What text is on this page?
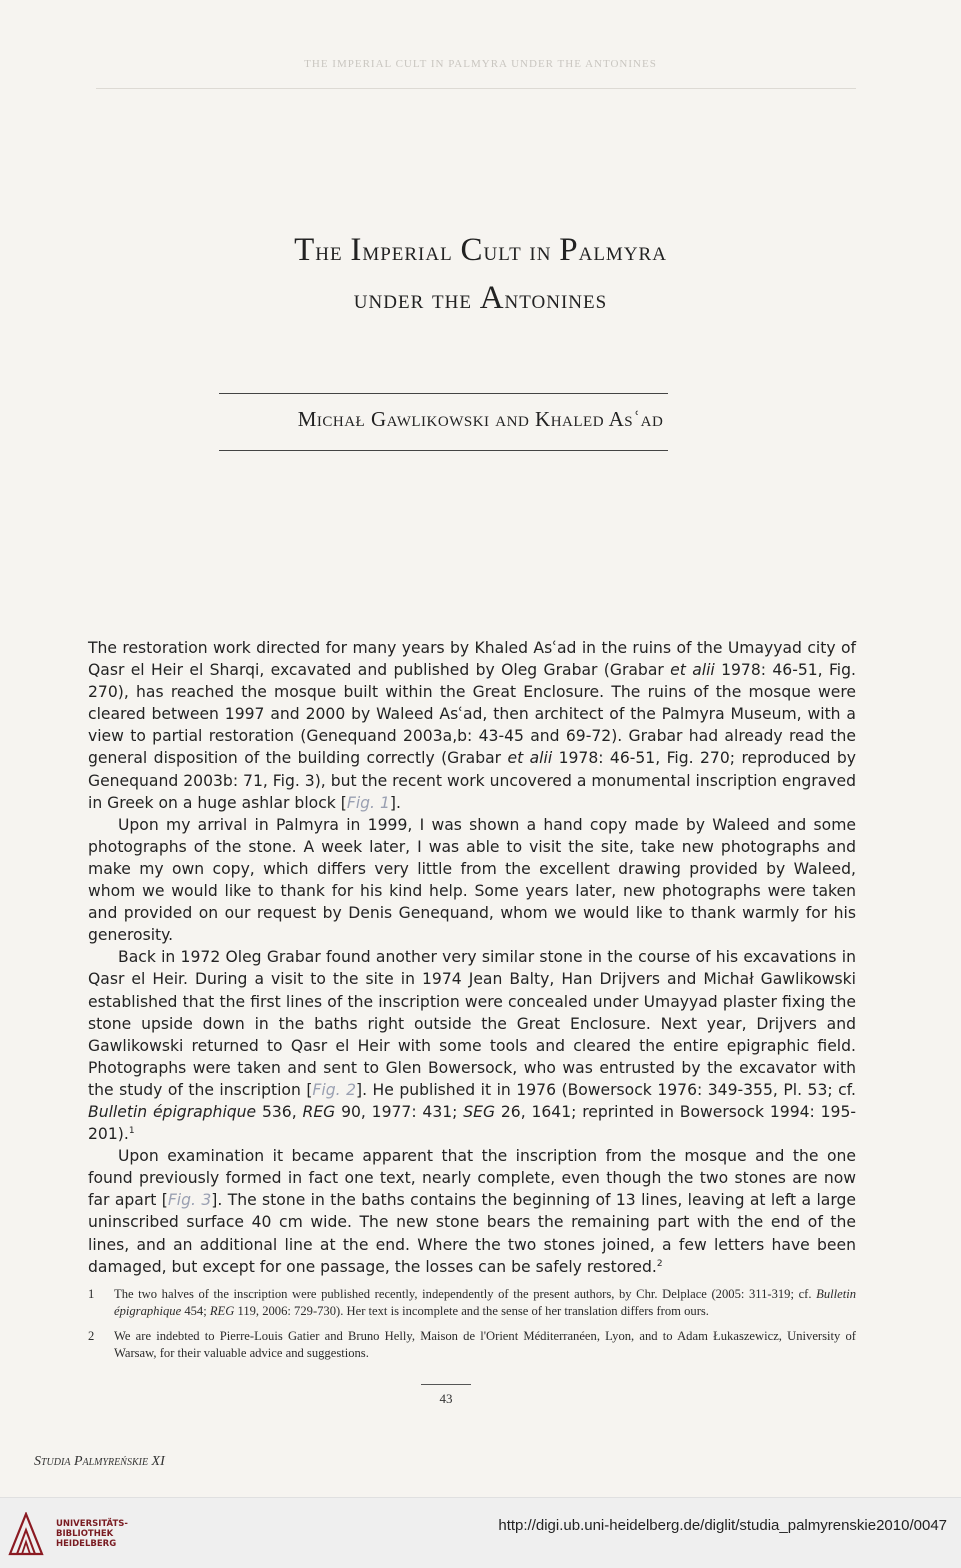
THE IMPERIAL CULT IN PALMYRA UNDER THE ANTONINES
The Imperial Cult in Palmyra
under the Antonines
Michał Gawlikowski and Khaled Asʿad

The restoration work directed for many years by Khaled Asʿad in the ruins of the Umayyad city of Qasr el Heir el Sharqi, excavated and published by Oleg Grabar (Grabar et alii 1978: 46-51, Fig. 270), has reached the mosque built within the Great Enclosure. The ruins of the mosque were cleared between 1997 and 2000 by Waleed Asʿad, then architect of the Palmyra Museum, with a view to partial restoration (Genequand 2003a,b: 43-45 and 69-72). Grabar had already read the general disposition of the building correctly (Grabar et alii 1978: 46-51, Fig. 270; reproduced by Genequand 2003b: 71, Fig. 3), but the recent work uncovered a monumental inscription engraved in Greek on a huge ashlar block [Fig. 1].

Upon my arrival in Palmyra in 1999, I was shown a hand copy made by Waleed and some photographs of the stone. A week later, I was able to visit the site, take new photographs and make my own copy, which differs very little from the excellent drawing provided by Waleed, whom we would like to thank for his kind help. Some years later, new photographs were taken and provided on our request by Denis Genequand, whom we would like to thank warmly for his generosity.

Back in 1972 Oleg Grabar found another very similar stone in the course of his excavations in Qasr el Heir. During a visit to the site in 1974 Jean Balty, Han Drijvers and Michał Gawlikowski established that the first lines of the inscription were concealed under Umayyad plaster fixing the stone upside down in the baths right outside the Great Enclosure. Next year, Drijvers and Gawlikowski returned to Qasr el Heir with some tools and cleared the entire epigraphic field. Photographs were taken and sent to Glen Bowersock, who was entrusted by the excavator with the study of the inscription [Fig. 2]. He published it in 1976 (Bowersock 1976: 349-355, Pl. 53; cf. Bulletin épigraphique 536, REG 90, 1977: 431; SEG 26, 1641; reprinted in Bowersock 1994: 195-201).$^1$

Upon examination it became apparent that the inscription from the mosque and the one found previously formed in fact one text, nearly complete, even though the two stones are now far apart [Fig. 3]. The stone in the baths contains the beginning of 13 lines, leaving at left a large uninscribed surface 40 cm wide. The new stone bears the remaining part with the end of the lines, and an additional line at the end. Where the two stones joined, a few letters have been damaged, but except for one passage, the losses can be safely restored.$^2$

1 The two halves of the inscription were published recently, independently of the present authors, by Chr. Delplace (2005: 311-319; cf. Bulletin épigraphique 454; REG 119, 2006: 729-730). Her text is incomplete and the sense of her translation differs from ours.
2 We are indebted to Pierre-Louis Gatier and Bruno Helly, Maison de l'Orient Méditerranéen, Lyon, and to Adam Łukaszewicz, University of Warsaw, for their valuable advice and suggestions.
43
Studia Palmyreńskie XI
UNIVERSITÄTS-
BIBLIOTHEK
HEIDELBERG
http://digi.ub.uni-heidelberg.de/diglit/studia_palmyrenskie2010/0047
